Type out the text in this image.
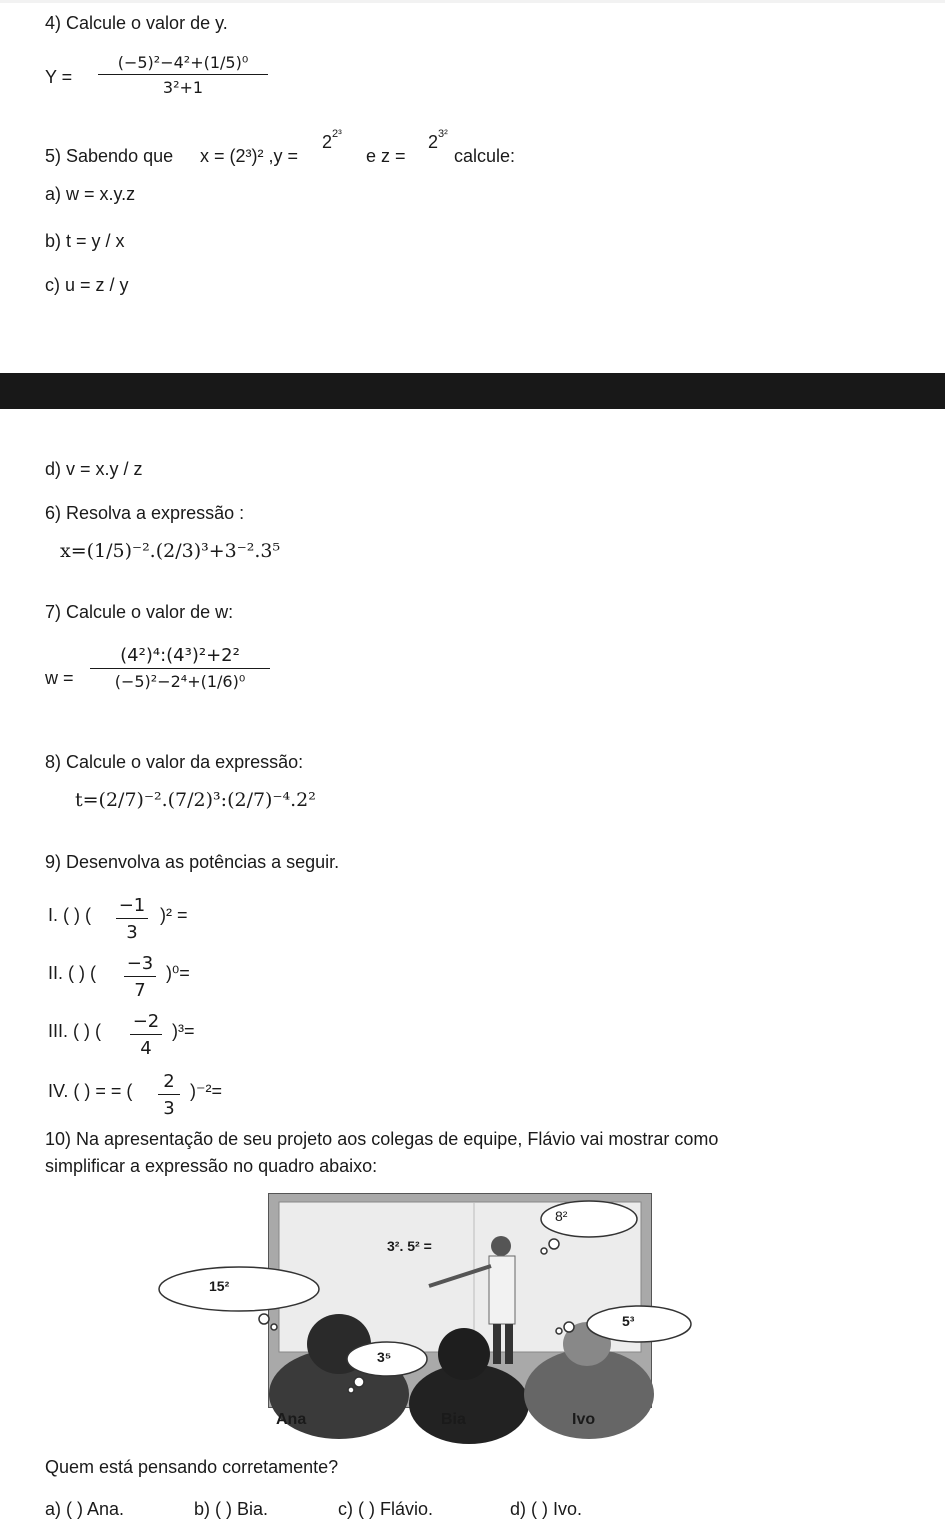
4) Calcule o valor de y.
Y =
(−5)²−4²+(1/5)⁰
3²+1
5) Sabendo que x = (2³)² ,y =
$2^{2^3}$
e z =
$2^{3^2}$
calcule:
a) w = x.y.z
b) t = y / x
c) u = z / y
d) v = x.y / z
6) Resolva a expressão :
x=(1/5)⁻².(2/3)³+3⁻².3⁵
7) Calcule o valor de w:
w =
(4²)⁴:(4³)²+2²
(−5)²−2⁴+(1/6)⁰
8) Calcule o valor da expressão:
t=(2/7)⁻².(7/2)³:(2/7)⁻⁴.2²
9) Desenvolva as potências a seguir.
I. ( ) ( −1
3
)² =
II. ( ) ( −3
7
)⁰=
III. ( ) ( −2
4
)³=
IV. ( ) = = ( 2
3
)⁻²=
10) Na apresentação de seu projeto aos colegas de equipe, Flávio vai mostrar como
simplificar a expressão no quadro abaixo:
3². 5² =
8²
15²
5³
3⁵
Ana	Bia	Ivo
Quem está pensando corretamente?
a) ( ) Ana.	b) ( ) Bia.	c) ( ) Flávio.	d) ( ) Ivo.
